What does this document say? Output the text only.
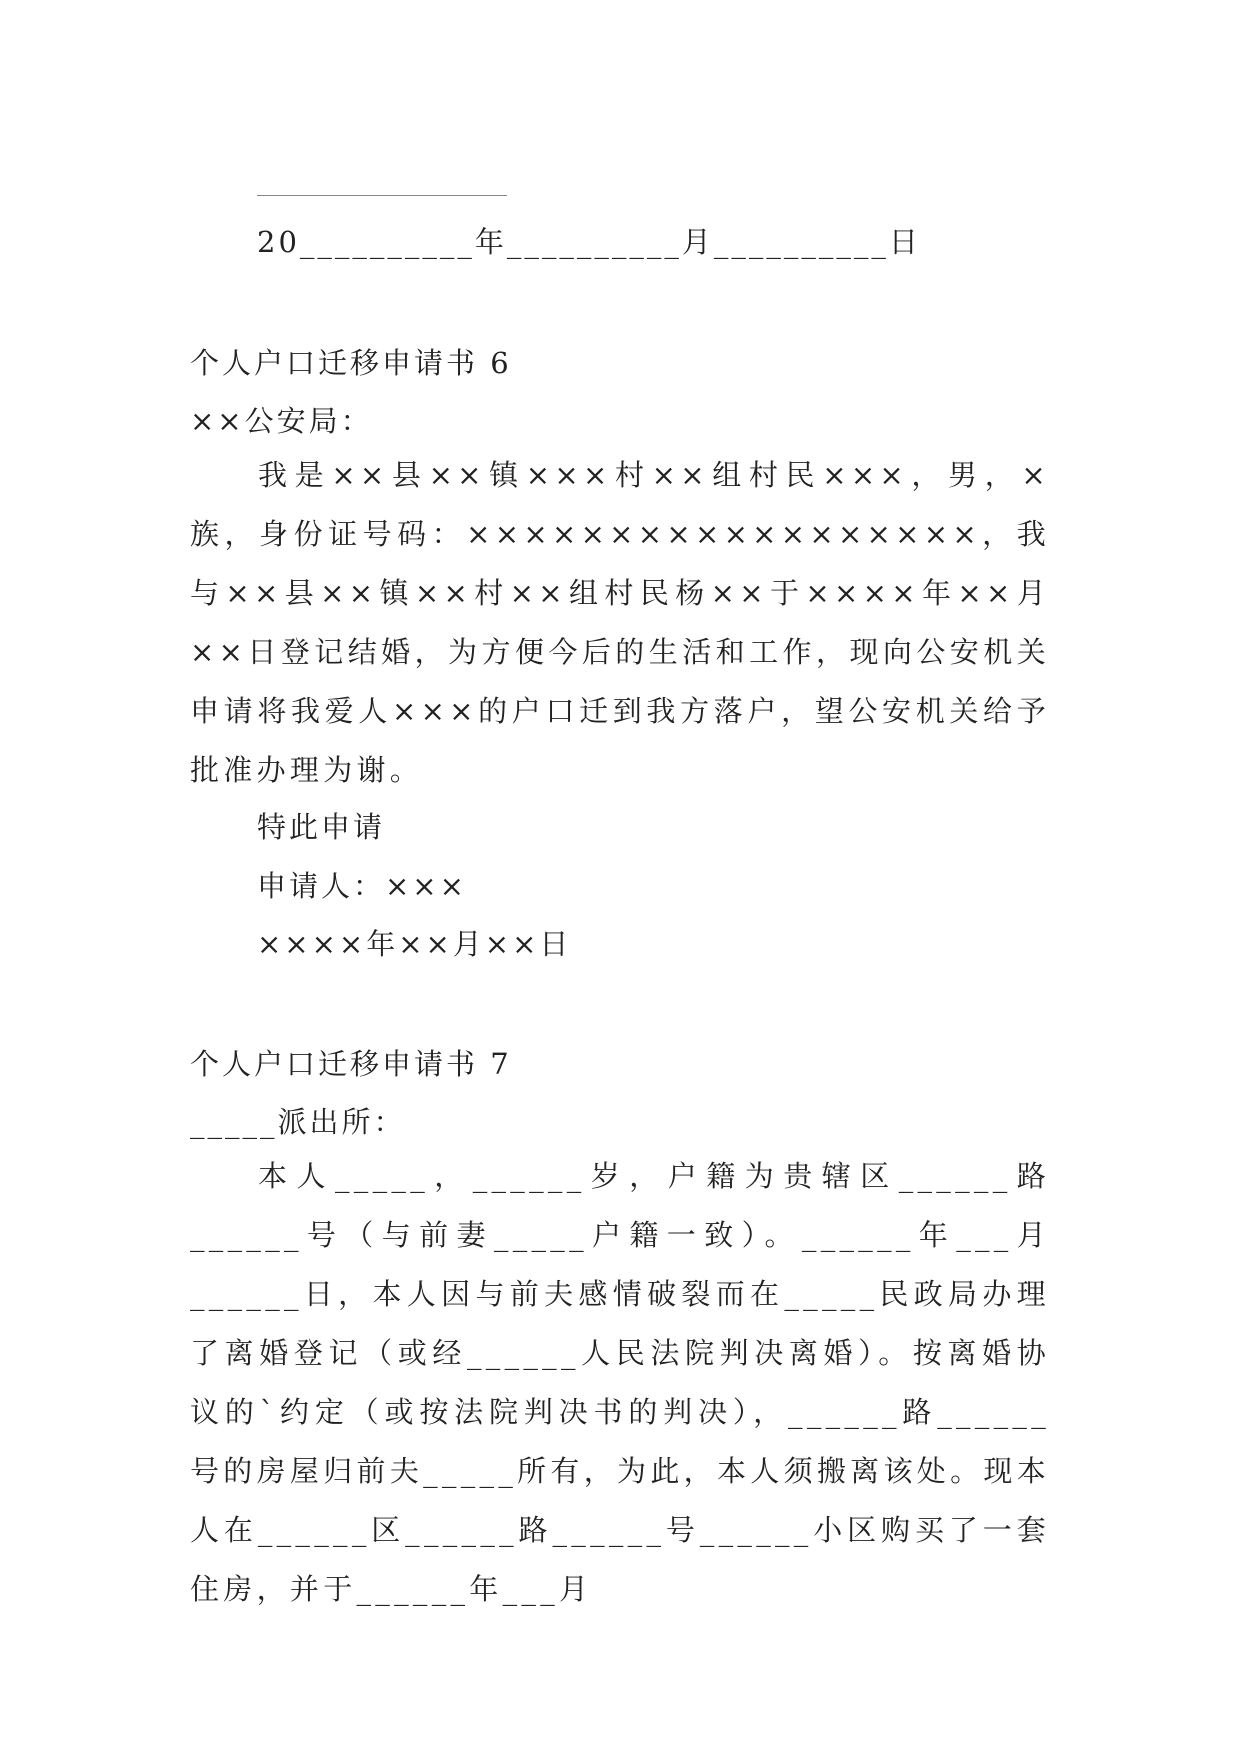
20__________年__________月__________日
个人户口迁移申请书 6
××公安局：

我是××县××镇×××村××组村民×××，男，×族，身份证号码：××××××××××××××××××，我与××县××镇××村××组村民杨××于××××年××月××日登记结婚，为方便今后的生活和工作，现向公安机关申请将我爱人×××的户口迁到我方落户，望公安机关给予批准办理为谢。

特此申请
申请人：×××
××××年××月××日
个人户口迁移申请书 7
_____派出所：

本人_____，______岁，户籍为贵辖区______路______号（与前妻_____户籍一致）。______年___月______日，本人因与前夫感情破裂而在_____民政局办理了离婚登记（或经______人民法院判决离婚）。按离婚协议的`约定（或按法院判决书的判决），______路______号的房屋归前夫_____所有，为此，本人须搬离该处。现本人在______区______路______号______小区购买了一套住房，并于______年___月
